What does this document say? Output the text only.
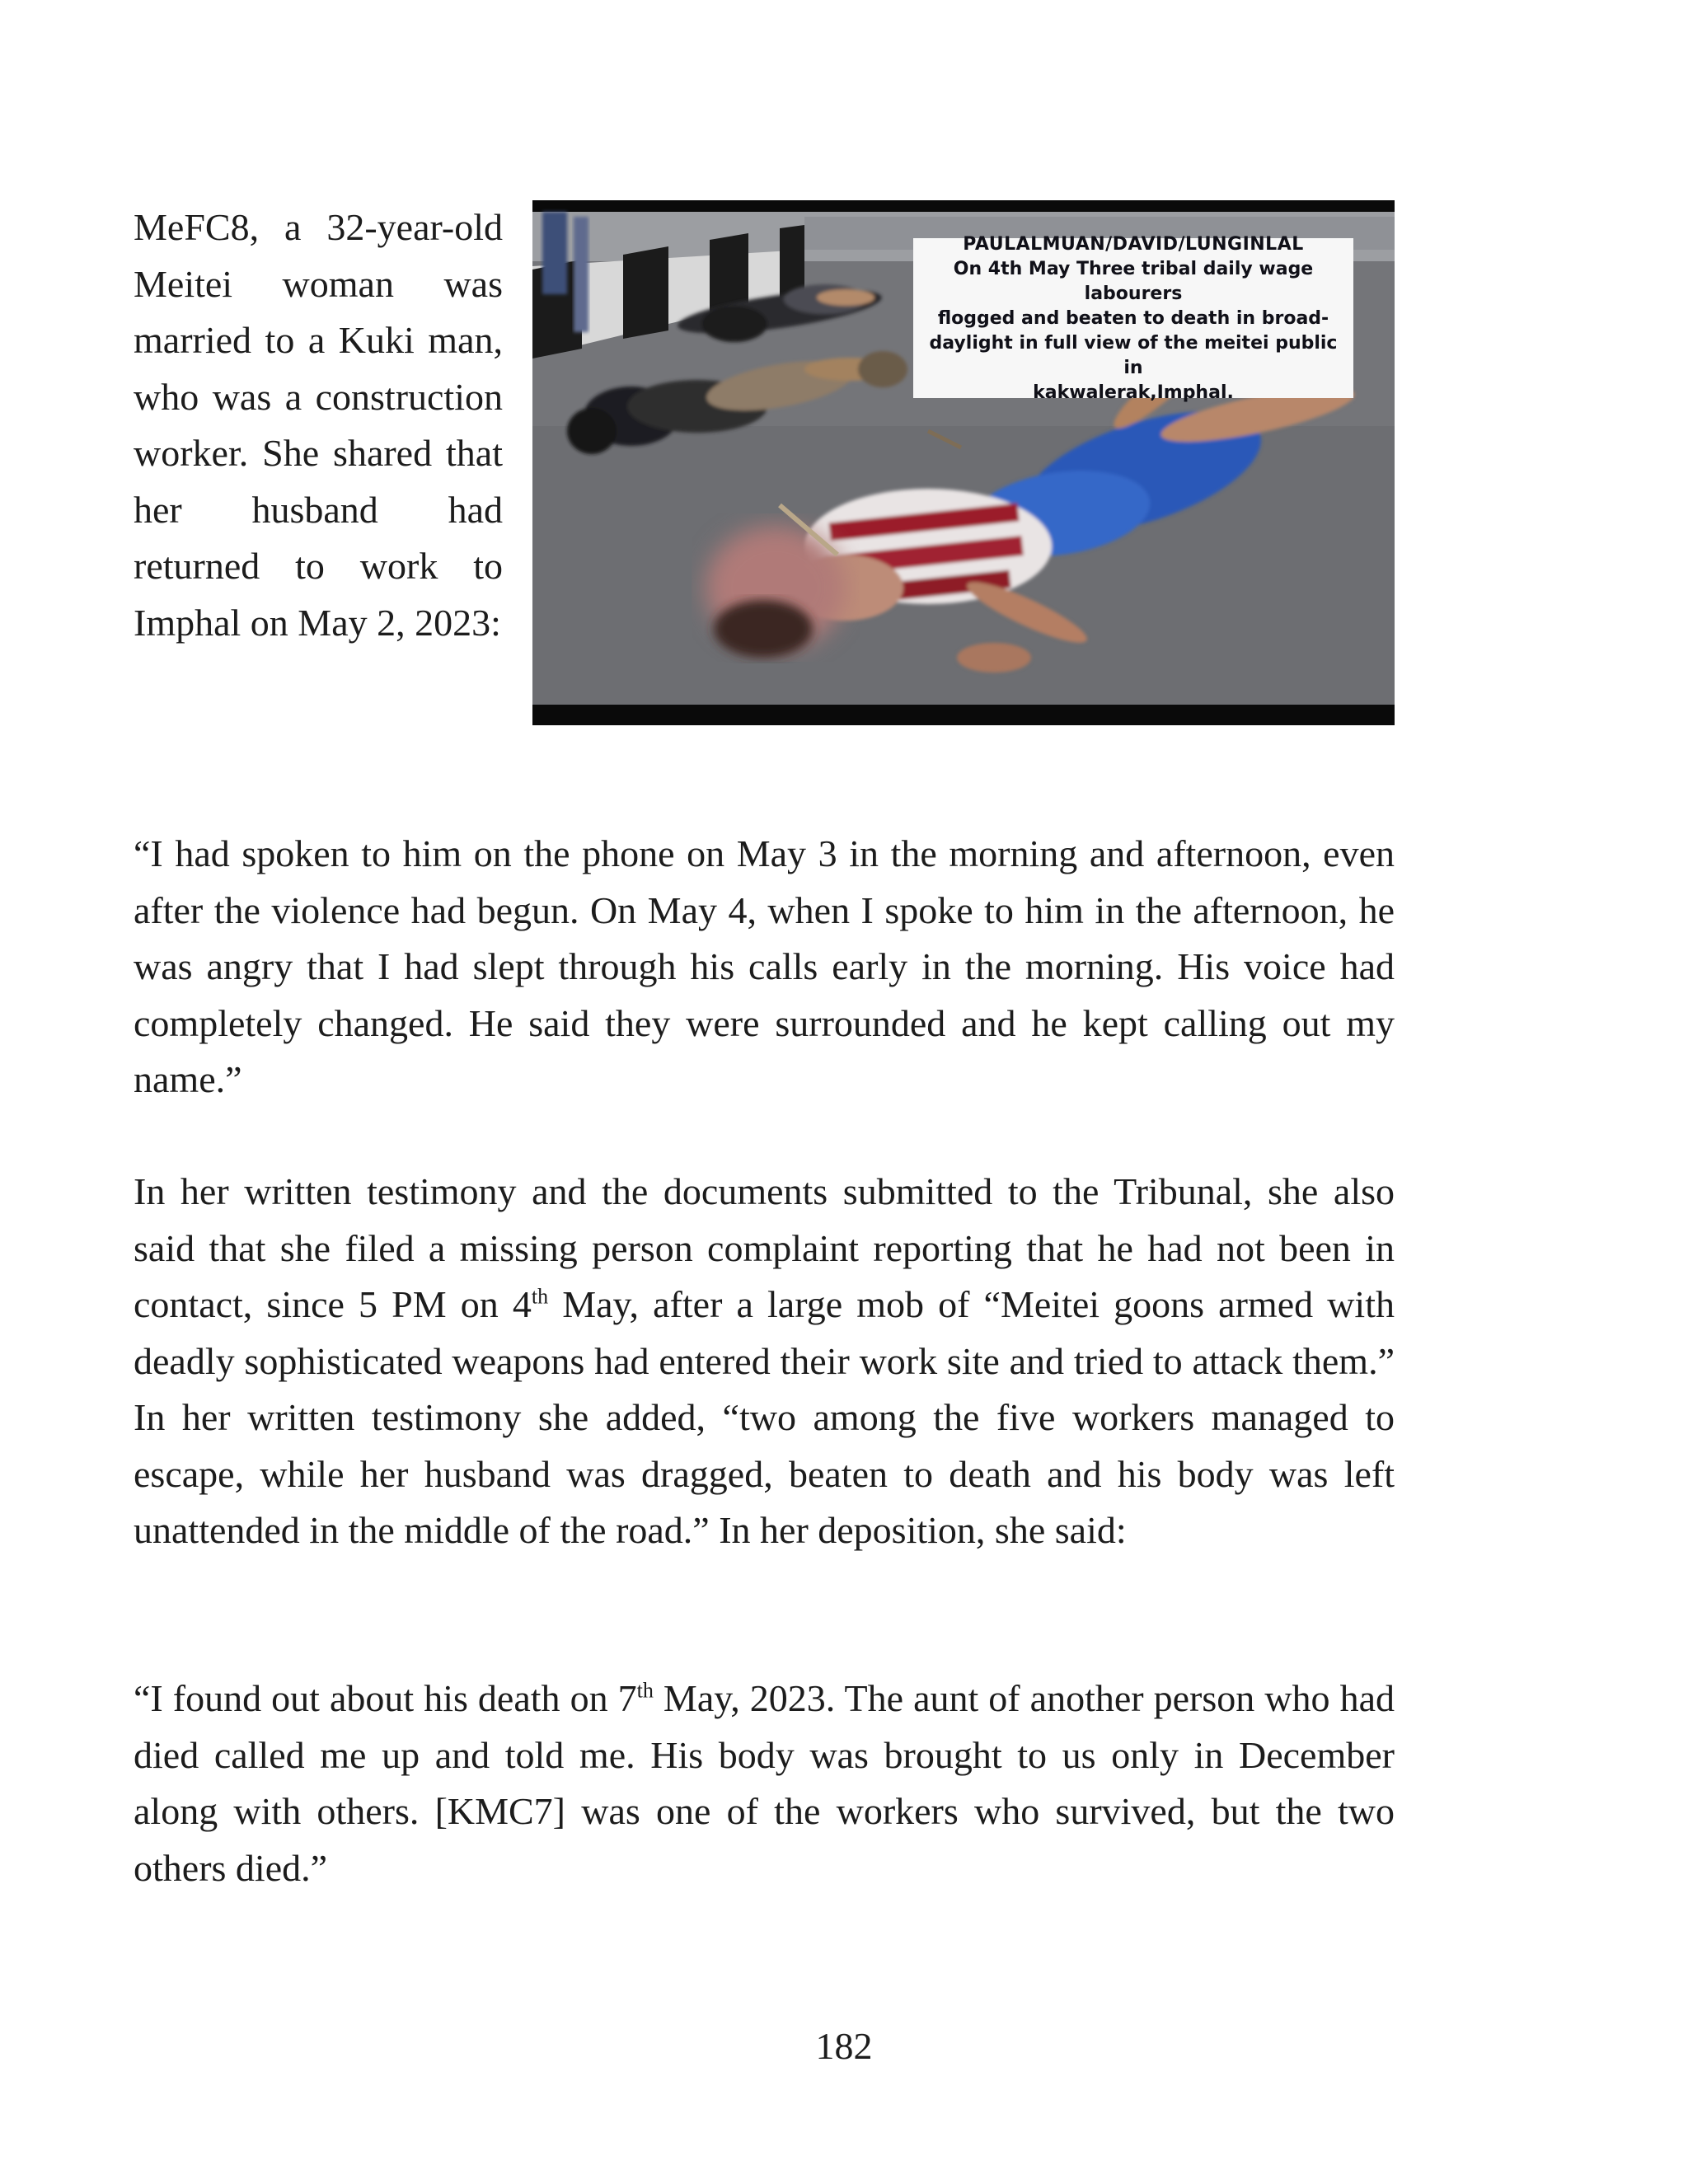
MeFC8, a 32-year-old Meitei woman was married to a Kuki man, who was a construction worker. She shared that her husband had returned to work to Imphal on May 2, 2023:

PAULALMUAN/DAVID/LUNGINLAL
On 4th May Three tribal daily wage labourers
flogged and beaten to death in broad-
daylight in full view of the meitei public in
kakwalerak,Imphal.

“I had spoken to him on the phone on May 3 in the morning and afternoon, even after the violence had begun. On May 4, when I spoke to him in the afternoon, he was angry that I had slept through his calls early in the morning. His voice had completely changed. He said they were surrounded and he kept calling out my name.”

In her written testimony and the documents submitted to the Tribunal, she also said that she filed a missing person complaint reporting that he had not been in contact, since 5 PM on 4th May, after a large mob of “Meitei goons armed with deadly sophisticated weapons had entered their work site and tried to attack them.” In her written testimony she added, “two among the five workers managed to escape, while her husband was dragged, beaten to death and his body was left unattended in the middle of the road.” In her deposition, she said:

“I found out about his death on 7th May, 2023. The aunt of another person who had died called me up and told me. His body was brought to us only in December along with others. [KMC7] was one of the workers who survived, but the two others died.”

182
